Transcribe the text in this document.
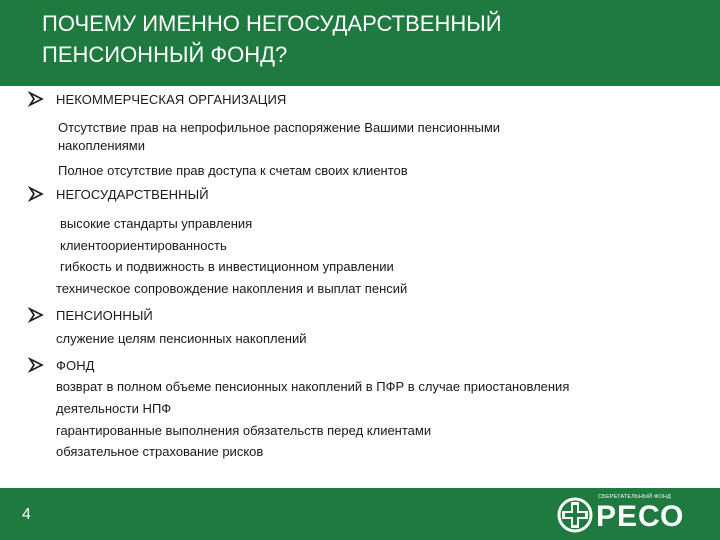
ПОЧЕМУ ИМЕННО НЕГОСУДАРСТВЕННЫЙ
ПЕНСИОННЫЙ ФОНД?
НЕКОММЕРЧЕСКАЯ ОРГАНИЗАЦИЯ
Отсутствие прав на непрофильное распоряжение Вашими пенсионными
накоплениями
Полное отсутствие прав доступа к счетам своих клиентов
НЕГОСУДАРСТВЕННЫЙ
высокие стандарты управления
клиентоориентированность
гибкость и подвижность в инвестиционном управлении
техническое сопровождение накопления и выплат пенсий
ПЕНСИОННЫЙ
служение целям пенсионных накоплений
ФОНД
возврат в полном объеме пенсионных накоплений в ПФР в случае приостановления
деятельности НПФ
гарантированные выполнения обязательств перед клиентами
обязательное страхование рисков
4
СБЕРЕГАТЕЛЬНЫЙ ФОНД
РЕСО
